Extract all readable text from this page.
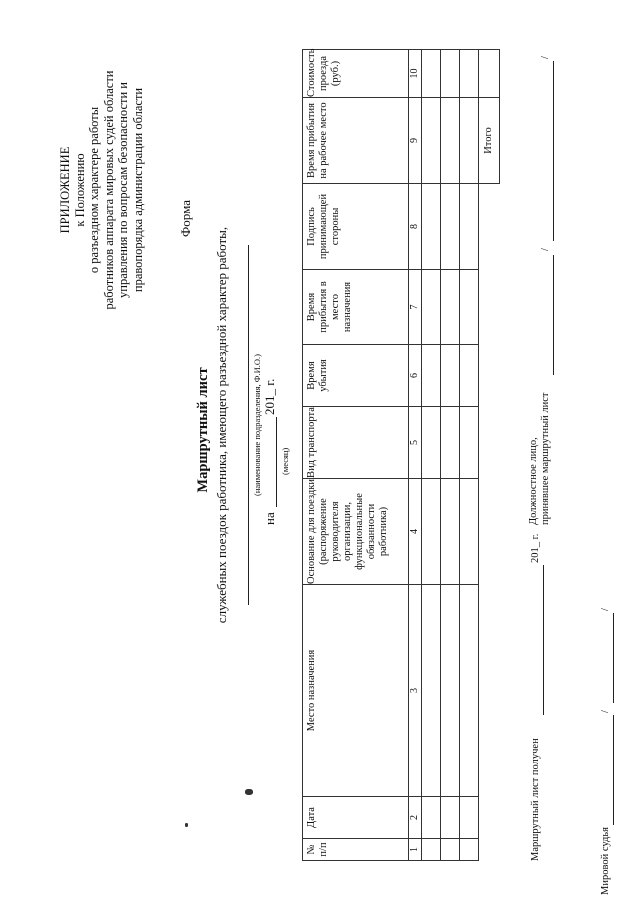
ПРИЛОЖЕНИЕ к Положению о разъездном характере работы работников аппарата мировых судей области управления по вопросам безопасности и правопорядка администрации области	Форма
Маршрутный лист служебных поездок работника, имеющего разъездной характер работы,	(наименование подразделения, Ф.И.О.)
на
201_ г.
(месяц)
№ п/п	Дата	Место назначения	Основание для поездки (распоряжение руководителя организации, функциональные обязанности работника)	Вид транспорта	Время убытия	Время прибытия в место назначения	Подпись принимающей стороны	Время прибытия на рабочее место	Стоимость проезда (руб.)
1	2	3	4	5	6	7	8	9	10

								Итого	
Маршрутный лист получен
201_ г.
Должностное лицо, принявшее маршрутный лист
/
/
Мировой судья
/
/
